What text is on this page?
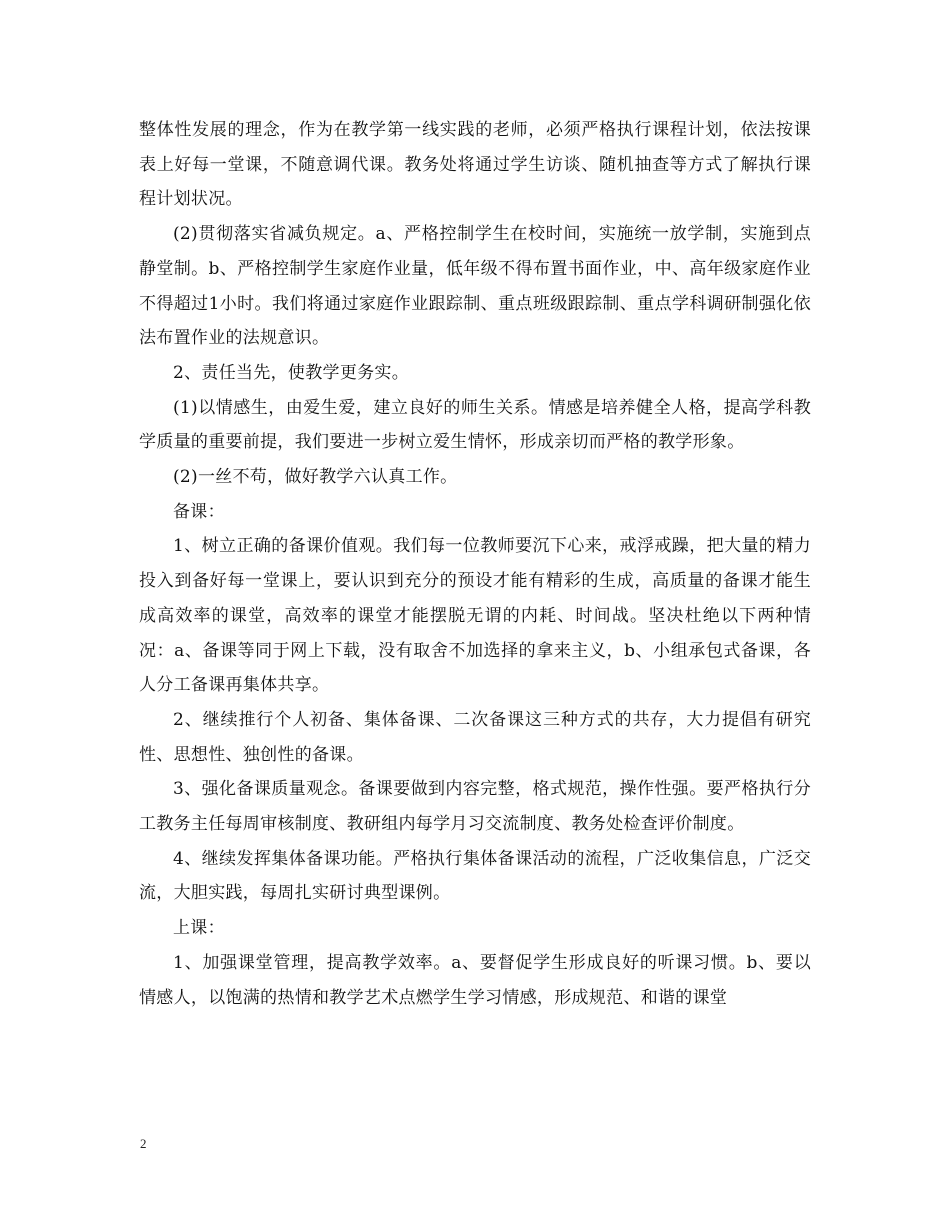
整体性发展的理念，作为在教学第一线实践的老师，必须严格执行课程计划，依法按课表上好每一堂课，不随意调代课。教务处将通过学生访谈、随机抽查等方式了解执行课程计划状况。

(2)贯彻落实省减负规定。a、严格控制学生在校时间，实施统一放学制，实施到点静堂制。b、严格控制学生家庭作业量，低年级不得布置书面作业，中、高年级家庭作业不得超过1小时。我们将通过家庭作业跟踪制、重点班级跟踪制、重点学科调研制强化依法布置作业的法规意识。

2、责任当先，使教学更务实。

(1)以情感生，由爱生爱，建立良好的师生关系。情感是培养健全人格，提高学科教学质量的重要前提，我们要进一步树立爱生情怀，形成亲切而严格的教学形象。

(2)一丝不苟，做好教学六认真工作。

备课：

1、树立正确的备课价值观。我们每一位教师要沉下心来，戒浮戒躁，把大量的精力投入到备好每一堂课上，要认识到充分的预设才能有精彩的生成，高质量的备课才能生成高效率的课堂，高效率的课堂才能摆脱无谓的内耗、时间战。坚决杜绝以下两种情况：a、备课等同于网上下载，没有取舍不加选择的拿来主义，b、小组承包式备课，各人分工备课再集体共享。

2、继续推行个人初备、集体备课、二次备课这三种方式的共存，大力提倡有研究性、思想性、独创性的备课。

3、强化备课质量观念。备课要做到内容完整，格式规范，操作性强。要严格执行分工教务主任每周审核制度、教研组内每学月习交流制度、教务处检查评价制度。

4、继续发挥集体备课功能。严格执行集体备课活动的流程，广泛收集信息，广泛交流，大胆实践，每周扎实研讨典型课例。

上课：

1、加强课堂管理，提高教学效率。a、要督促学生形成良好的听课习惯。b、要以情感人，以饱满的热情和教学艺术点燃学生学习情感，形成规范、和谐的课堂

2
